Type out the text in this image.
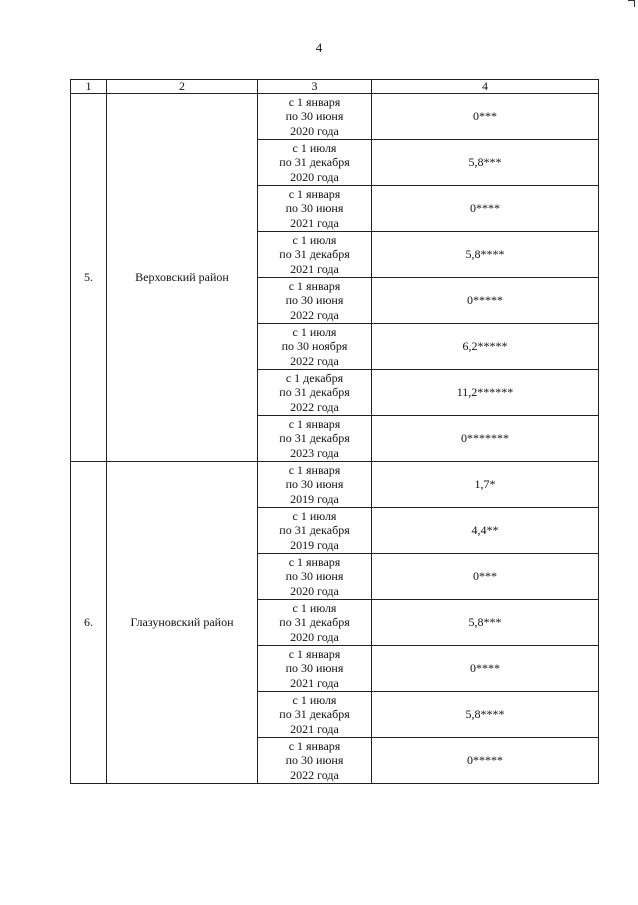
4
1	2	3	4
5.	Верховский район	с 1 января
по 30 июня
2020 года	0***

		с 1 июля
по 31 декабря
2020 года	5,8***

		с 1 января
по 30 июня
2021 года	0****

		с 1 июля
по 31 декабря
2021 года	5,8****

		с 1 января
по 30 июня
2022 года	0*****

		с 1 июля
по 30 ноября
2022 года	6,2*****

		с 1 декабря
по 31 декабря
2022 года	11,2******

		с 1 января
по 31 декабря
2023 года	0*******
6.	Глазуновский район	с 1 января
по 30 июня
2019 года	1,7*

		с 1 июля
по 31 декабря
2019 года	4,4**

		с 1 января
по 30 июня
2020 года	0***

		с 1 июля
по 31 декабря
2020 года	5,8***

		с 1 января
по 30 июня
2021 года	0****

		с 1 июля
по 31 декабря
2021 года	5,8****

		с 1 января
по 30 июня
2022 года	0*****
